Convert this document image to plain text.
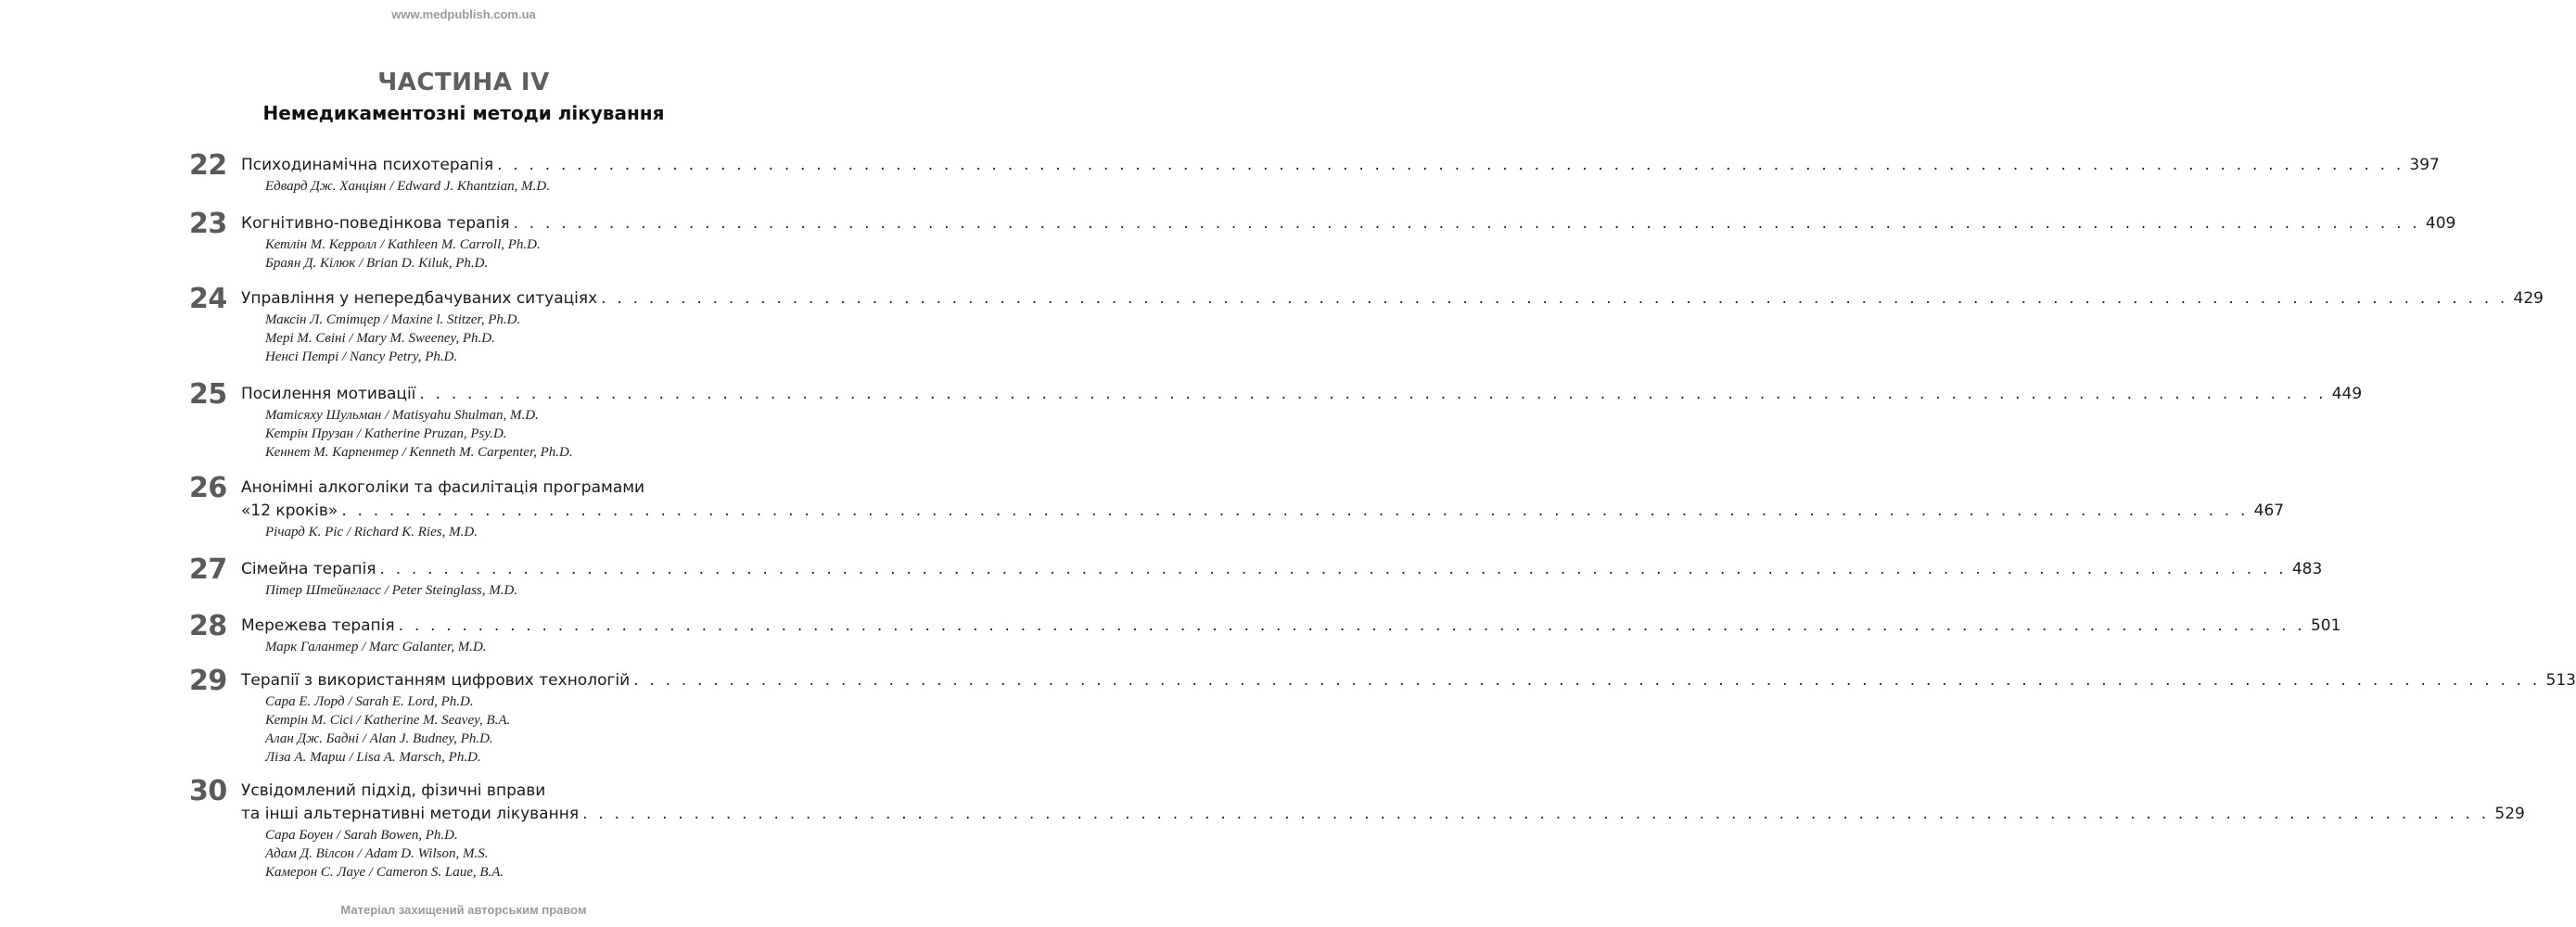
www.medpublish.com.ua
ЧАСТИНА IV
Немедикаментозні методи лікування
22 Психодинамічна психотерапія . . . . . . . . . . . . . . . . . . . . . . . . . . . . . . . . . . . . . . . . . . . . . . . . . . . . . . . . . . . . . . . . . . . . . . . . . . . . . . . . . . . . . . . . . . . . . . . . . . . . . . . . . . . . . . . . . . . . . . . . 397
Едвард Дж. Ханціян / Edward J. Khantzian, M.D.
23 Когнітивно-поведінкова терапія . . . . . . . . . . . . . . . . . . . . . . . . . . . . . . . . . . . . . . . . . . . . . . . . . . . . . . . . . . . . . . . . . . . . . . . . . . . . . . . . . . . . . . . . . . . . . . . . . . . . . . . . . . . . . . . . . . . . . . . . 409
Кетлін М. Керролл / Kathleen M. Carroll, Ph.D.
Браян Д. Кілюк / Brian D. Kiluk, Ph.D.
24 Управління у непередбачуваних ситуаціях . . . . . . . . . . . . . . . . . . . . . . . . . . . . . . . . . . . . . . . . . . . . . . . . . . . . . . . . . . . . . . . . . . . . . . . . . . . . . . . . . . . . . . . . . . . . . . . . . . . . . . . . . . . . . . . . . . . . . . . . 429
Максін Л. Стітцер / Maxine l. Stitzer, Ph.D.
Мері М. Свіні / Mary M. Sweeney, Ph.D.
Ненсі Петрі / Nancy Petry, Ph.D.
25 Посилення мотивації . . . . . . . . . . . . . . . . . . . . . . . . . . . . . . . . . . . . . . . . . . . . . . . . . . . . . . . . . . . . . . . . . . . . . . . . . . . . . . . . . . . . . . . . . . . . . . . . . . . . . . . . . . . . . . . . . . . . . . . . 449
Матісяху Шульман / Matisyahu Shulman, M.D.
Кетрін Прузан / Katherine Pruzan, Psy.D.
Кеннет М. Карпентер / Kenneth M. Carpenter, Ph.D.
26 Анонімні алкоголіки та фасилітація програмами
«12 кроків» . . . . . . . . . . . . . . . . . . . . . . . . . . . . . . . . . . . . . . . . . . . . . . . . . . . . . . . . . . . . . . . . . . . . . . . . . . . . . . . . . . . . . . . . . . . . . . . . . . . . . . . . . . . . . . . . . . . . . . . . 467
Річард К. Ріс / Richard K. Ries, M.D.
27 Сімейна терапія . . . . . . . . . . . . . . . . . . . . . . . . . . . . . . . . . . . . . . . . . . . . . . . . . . . . . . . . . . . . . . . . . . . . . . . . . . . . . . . . . . . . . . . . . . . . . . . . . . . . . . . . . . . . . . . . . . . . . . . . 483
Пітер Штейнгласс / Peter Steinglass, M.D.
28 Мережева терапія . . . . . . . . . . . . . . . . . . . . . . . . . . . . . . . . . . . . . . . . . . . . . . . . . . . . . . . . . . . . . . . . . . . . . . . . . . . . . . . . . . . . . . . . . . . . . . . . . . . . . . . . . . . . . . . . . . . . . . . . 501
Марк Галантер / Marc Galanter, M.D.
29 Терапії з використанням цифрових технологій . . . . . . . . . . . . . . . . . . . . . . . . . . . . . . . . . . . . . . . . . . . . . . . . . . . . . . . . . . . . . . . . . . . . . . . . . . . . . . . . . . . . . . . . . . . . . . . . . . . . . . . . . . . . . . . . . . . . . . . . 513
Сара Е. Лорд / Sarah E. Lord, Ph.D.
Кетрін М. Сісі / Katherine M. Seavey, B.A.
Алан Дж. Бадні / Alan J. Budney, Ph.D.
Ліза А. Марш / Lisa A. Marsch, Ph.D.
30 Усвідомлений підхід, фізичні вправи
та інші альтернативні методи лікування . . . . . . . . . . . . . . . . . . . . . . . . . . . . . . . . . . . . . . . . . . . . . . . . . . . . . . . . . . . . . . . . . . . . . . . . . . . . . . . . . . . . . . . . . . . . . . . . . . . . . . . . . . . . . . . . . . . . . . . . 529
Сара Боуен / Sarah Bowen, Ph.D.
Адам Д. Вілсон / Adam D. Wilson, M.S.
Камерон С. Лауе / Cameron S. Laue, B.A.
Матеріал захищений авторським правом
